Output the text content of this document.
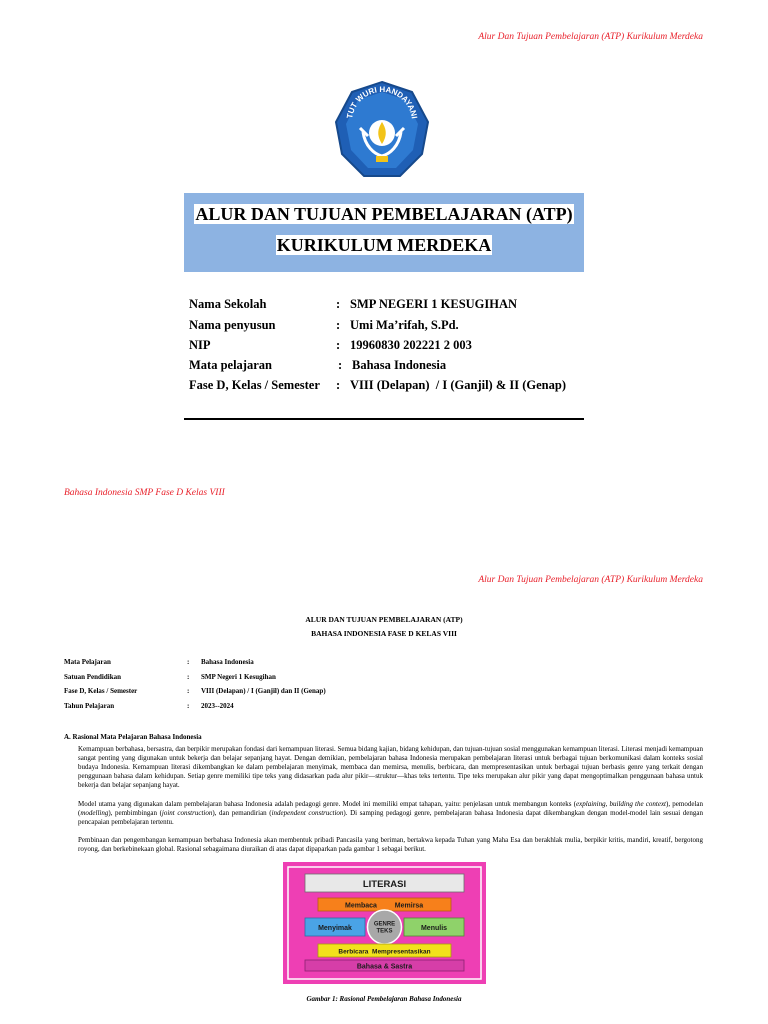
Alur Dan Tujuan Pembelajaran (ATP) Kurikulum Merdeka
TUT WURI HANDAYANI
ALUR DAN TUJUAN PEMBELAJARAN (ATP)
KURIKULUM MERDEKA
Nama Sekolah	: SMP NEGERI 1 KESUGIHAN
Nama penyusun	: Umi Ma’rifah, S.Pd.
NIP	: 19960830 202221 2 003
Mata pelajaran	: Bahasa Indonesia
Fase D, Kelas / Semester : VIII (Delapan)  / I (Ganjil) & II (Genap)
Bahasa Indonesia SMP Fase D Kelas VIII
Alur Dan Tujuan Pembelajaran (ATP) Kurikulum Merdeka
ALUR DAN TUJUAN PEMBELAJARAN (ATP)
BAHASA INDONESIA FASE D KELAS VIII
Mata Pelajaran	: Bahasa Indonesia
Satuan Pendidikan	: SMP Negeri 1 Kesugihan
Fase D, Kelas / Semester	: VIII (Delapan) / I (Ganjil) dan II (Genap)
Tahun Pelajaran	: 2023--2024
A. Rasional Mata Pelajaran Bahasa Indonesia
Kemampuan berbahasa, bersastra, dan berpikir merupakan fondasi dari kemampuan literasi. Semua bidang kajian, bidang kehidupan, dan tujuan-tujuan sosial menggunakan kemampuan literasi. Literasi menjadi kemampuan sangat penting yang digunakan untuk bekerja dan belajar sepanjang hayat. Dengan demikian, pembelajaran bahasa Indonesia merupakan pembelajaran literasi untuk berbagai tujuan berkomunikasi dalam konteks sosial budaya Indonesia. Kemampuan literasi dikembangkan ke dalam pembelajaran menyimak, membaca dan memirsa, menulis, berbicara, dan mempresentasikan untuk berbagai tujuan berbasis genre yang terkait dengan penggunaan bahasa dalam kehidupan. Setiap genre memiliki tipe teks yang didasarkan pada alur pikir—struktur—khas teks tertentu. Tipe teks merupakan alur pikir yang dapat mengoptimalkan penggunaan bahasa untuk bekerja dan belajar sepanjang hayat.
Model utama yang digunakan dalam pembelajaran bahasa Indonesia adalah pedagogi genre. Model ini memiliki empat tahapan, yaitu: penjelasan untuk membangun konteks (explaining, building the context), pemodelan (modelling), pembimbingan (joint construction), dan pemandirian (independent construction). Di samping pedagogi genre, pembelajaran bahasa Indonesia dapat dikembangkan dengan model-model lain sesuai dengan pencapaian pembelajaran tertentu.
Pembinaan dan pengembangan kemampuan berbahasa Indonesia akan membentuk pribadi Pancasila yang beriman, bertakwa kepada Tuhan yang Maha Esa dan berakhlak mulia, berpikir kritis, mandiri, kreatif, bergotong royong, dan berkebinekaan global. Rasional sebagaimana diuraikan di atas dapat dipaparkan pada gambar 1 sebagai berikut.
LITERASI
Membaca	Memirsa
Menyimak	Menulis
GENRE
TEKS
Berbicara  Mempresentasikan
Bahasa & Sastra
Gambar 1: Rasional Pembelajaran Bahasa Indonesia
